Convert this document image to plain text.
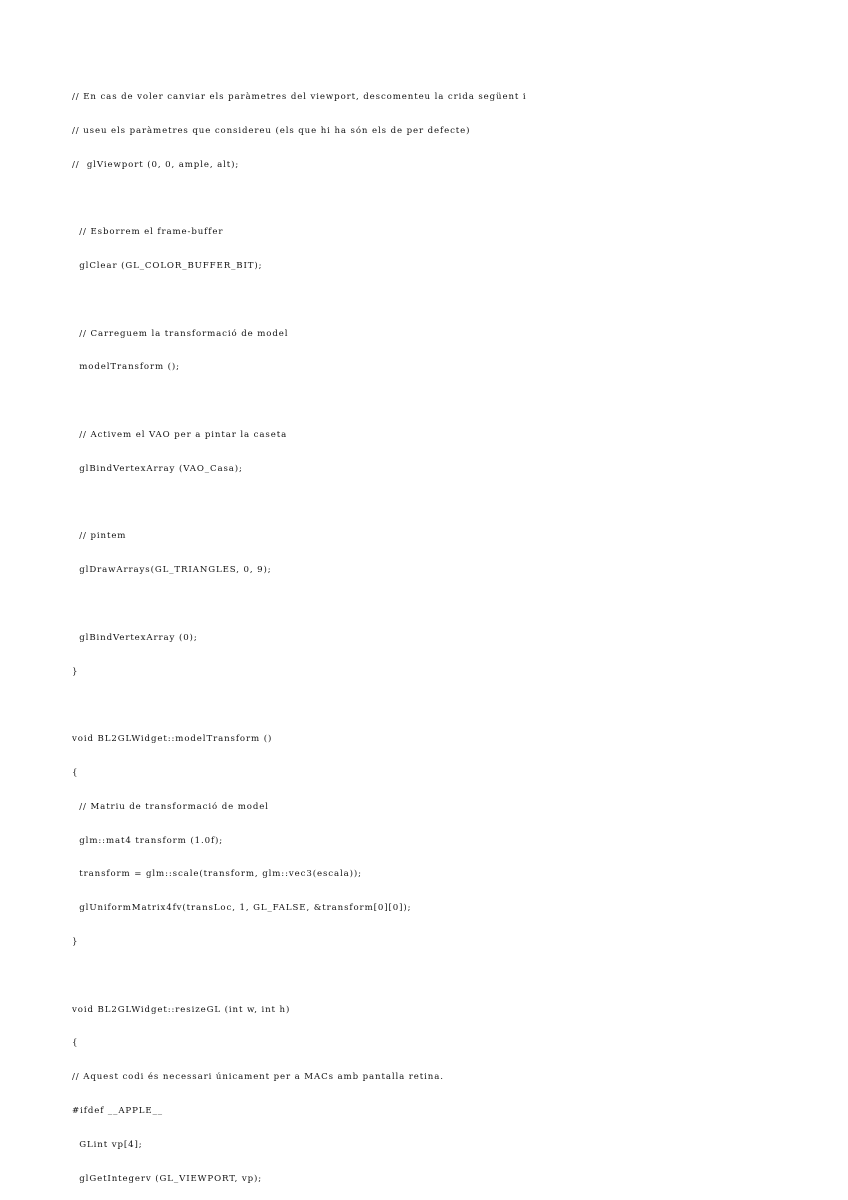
// En cas de voler canviar els paràmetres del viewport, descomenteu la crida següent i

// useu els paràmetres que considereu (els que hi ha són els de per defecte)

//  glViewport (0, 0, ample, alt);

// Esborrem el frame-buffer

glClear (GL_COLOR_BUFFER_BIT);

// Carreguem la transformació de model

modelTransform ();

// Activem el VAO per a pintar la caseta

glBindVertexArray (VAO_Casa);

// pintem

glDrawArrays(GL_TRIANGLES, 0, 9);

glBindVertexArray (0);

}

void BL2GLWidget::modelTransform ()

{

// Matriu de transformació de model

glm::mat4 transform (1.0f);

transform = glm::scale(transform, glm::vec3(escala));

glUniformMatrix4fv(transLoc, 1, GL_FALSE, &transform[0][0]);

}

void BL2GLWidget::resizeGL (int w, int h)

{

// Aquest codi és necessari únicament per a MACs amb pantalla retina.

#ifdef __APPLE__

GLint vp[4];

glGetIntegerv (GL_VIEWPORT, vp);
